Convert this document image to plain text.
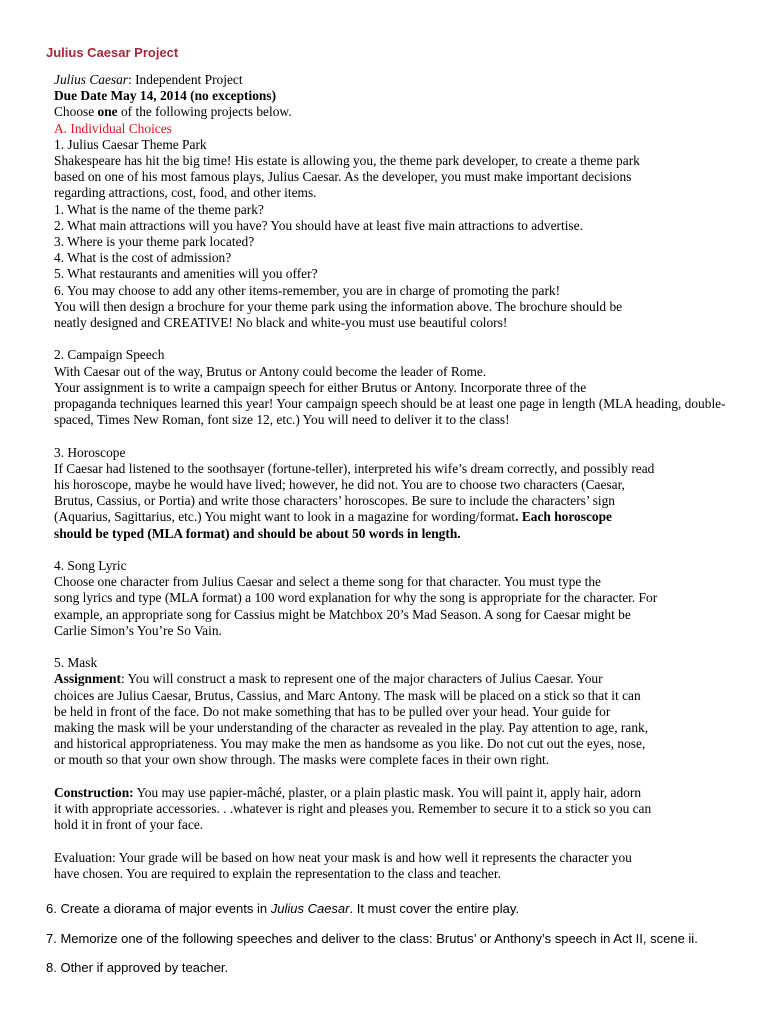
Julius Caesar Project
Julius Caesar: Independent Project
Due Date May 14, 2014 (no exceptions)
Choose one of the following projects below.
A. Individual Choices
1. Julius Caesar Theme Park
Shakespeare has hit the big time! His estate is allowing you, the theme park developer, to create a theme park
based on one of his most famous plays, Julius Caesar. As the developer, you must make important decisions
regarding attractions, cost, food, and other items.
1. What is the name of the theme park?
2. What main attractions will you have? You should have at least five main attractions to advertise.
3. Where is your theme park located?
4. What is the cost of admission?
5. What restaurants and amenities will you offer?
6. You may choose to add any other items-remember, you are in charge of promoting the park!
You will then design a brochure for your theme park using the information above. The brochure should be
neatly designed and CREATIVE! No black and white-you must use beautiful colors!
2. Campaign Speech
With Caesar out of the way, Brutus or Antony could become the leader of Rome.
Your assignment is to write a campaign speech for either Brutus or Antony. Incorporate three of the
propaganda techniques learned this year! Your campaign speech should be at least one page in length (MLA heading, double-
spaced, Times New Roman, font size 12, etc.) You will need to deliver it to the class!
3. Horoscope
If Caesar had listened to the soothsayer (fortune-teller), interpreted his wife’s dream correctly, and possibly read
his horoscope, maybe he would have lived; however, he did not. You are to choose two characters (Caesar,
Brutus, Cassius, or Portia) and write those characters’ horoscopes. Be sure to include the characters’ sign
(Aquarius, Sagittarius, etc.) You might want to look in a magazine for wording/format. Each horoscope
should be typed (MLA format) and should be about 50 words in length.
4. Song Lyric
Choose one character from Julius Caesar and select a theme song for that character. You must type the
song lyrics and type (MLA format) a 100 word explanation for why the song is appropriate for the character. For
example, an appropriate song for Cassius might be Matchbox 20’s Mad Season. A song for Caesar might be
Carlie Simon’s You’re So Vain.
5. Mask
Assignment: You will construct a mask to represent one of the major characters of Julius Caesar. Your
choices are Julius Caesar, Brutus, Cassius, and Marc Antony. The mask will be placed on a stick so that it can
be held in front of the face. Do not make something that has to be pulled over your head. Your guide for
making the mask will be your understanding of the character as revealed in the play. Pay attention to age, rank,
and historical appropriateness. You may make the men as handsome as you like. Do not cut out the eyes, nose,
or mouth so that your own show through. The masks were complete faces in their own right.
Construction: You may use papier-mâché, plaster, or a plain plastic mask. You will paint it, apply hair, adorn
it with appropriate accessories. . .whatever is right and pleases you. Remember to secure it to a stick so you can
hold it in front of your face.
Evaluation: Your grade will be based on how neat your mask is and how well it represents the character you
have chosen. You are required to explain the representation to the class and teacher.
6. Create a diorama of major events in Julius Caesar. It must cover the entire play.
7. Memorize one of the following speeches and deliver to the class: Brutus’ or Anthony’s speech in Act II, scene ii.
8. Other if approved by teacher.
